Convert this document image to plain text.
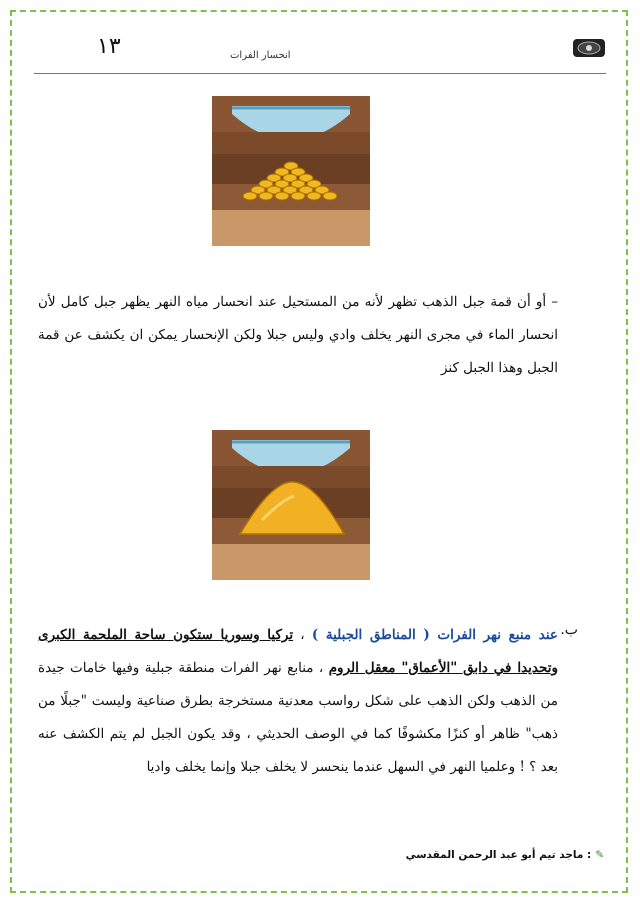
١٣	انحسار الفرات

– أو أن قمة جبل الذهب تظهر لأنه من المستحيل عند انحسار مياه النهر يظهر جبل كامل لأن انحسار الماء في مجرى النهر يخلف وادي وليس جبلا ولكن الإنحسار يمكن ان يكشف عن قمة الجبل وهذا الجبل كنز

ب.

عند منبع نهر الفرات ( المناطق الجبلية ) ، تركيا وسوريا ستكون ساحة الملحمة الكبرى وتحديدا في دابق "الأعماق" معقل الروم ، منابع نهر الفرات منطقة جبلية وفيها خامات جيدة من الذهب ولكن الذهب على شكل رواسب معدنية مستخرجة بطرق صناعية وليست "جبلًا من ذهب" ظاهر أو كنزًا مكشوفًا كما في الوصف الحديثي ، وقد يكون الجبل لم يتم الكشف عنه بعد ؟ ! وعلميا النهر في السهل عندما ينحسر لا يخلف جبلا وإنما يخلف واديا

✎: ماجد تيم أبو عبد الرحمن المقدسي
